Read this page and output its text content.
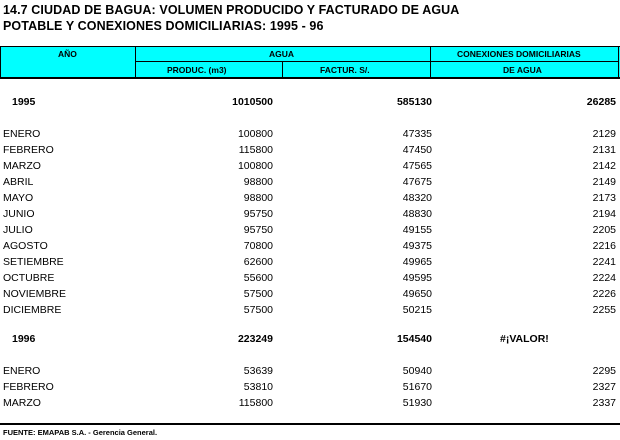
14.7 CIUDAD DE BAGUA: VOLUMEN PRODUCIDO Y FACTURADO DE AGUA
POTABLE Y CONEXIONES DOMICILIARIAS: 1995 - 96
AÑO	AGUA
PRODUC. (m3)	FACTUR. S/.
CONEXIONES DOMICILIARIAS
DE AGUA
1995	1010500	585130	26285
ENERO	100800	47335	2129
FEBRERO	115800	47450	2131
MARZO	100800	47565	2142
ABRIL	98800	47675	2149
MAYO	98800	48320	2173
JUNIO	95750	48830	2194
JULIO	95750	49155	2205
AGOSTO	70800	49375	2216
SETIEMBRE	62600	49965	2241
OCTUBRE	55600	49595	2224
NOVIEMBRE	57500	49650	2226
DICIEMBRE	57500	50215	2255
1996	223249	154540	#¡VALOR!
ENERO	53639	50940	2295
FEBRERO	53810	51670	2327
MARZO	115800	51930	2337
FUENTE: EMAPAB S.A. - Gerencia General.
